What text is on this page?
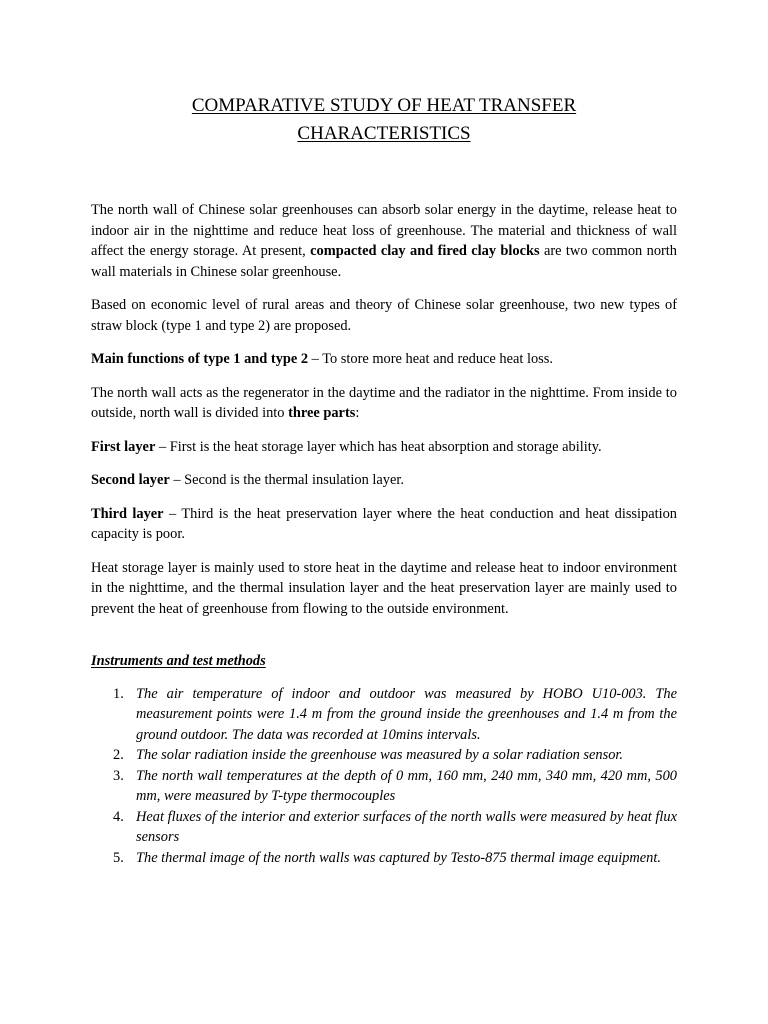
COMPARATIVE STUDY OF HEAT TRANSFER
CHARACTERISTICS

The north wall of Chinese solar greenhouses can absorb solar energy in the daytime, release heat to indoor air in the nighttime and reduce heat loss of greenhouse. The material and thickness of wall affect the energy storage. At present, compacted clay and fired clay blocks are two common north wall materials in Chinese solar greenhouse.

Based on economic level of rural areas and theory of Chinese solar greenhouse, two new types of straw block (type 1 and type 2) are proposed.

Main functions of type 1 and type 2 – To store more heat and reduce heat loss.

The north wall acts as the regenerator in the daytime and the radiator in the nighttime. From inside to outside, north wall is divided into three parts:

First layer – First is the heat storage layer which has heat absorption and storage ability.

Second layer – Second is the thermal insulation layer.

Third layer – Third is the heat preservation layer where the heat conduction and heat dissipation capacity is poor.

Heat storage layer is mainly used to store heat in the daytime and release heat to indoor environment in the nighttime, and the thermal insulation layer and the heat preservation layer are mainly used to prevent the heat of greenhouse from flowing to the outside environment.

Instruments and test methods
1. The air temperature of indoor and outdoor was measured by HOBO U10-003. The measurement points were 1.4 m from the ground inside the greenhouses and 1.4 m from the ground outdoor. The data was recorded at 10mins intervals.
2. The solar radiation inside the greenhouse was measured by a solar radiation sensor.
3. The north wall temperatures at the depth of 0 mm, 160 mm, 240 mm, 340 mm, 420 mm, 500 mm, were measured by T-type thermocouples
4. Heat fluxes of the interior and exterior surfaces of the north walls were measured by heat flux sensors
5. The thermal image of the north walls was captured by Testo-875 thermal image equipment.
